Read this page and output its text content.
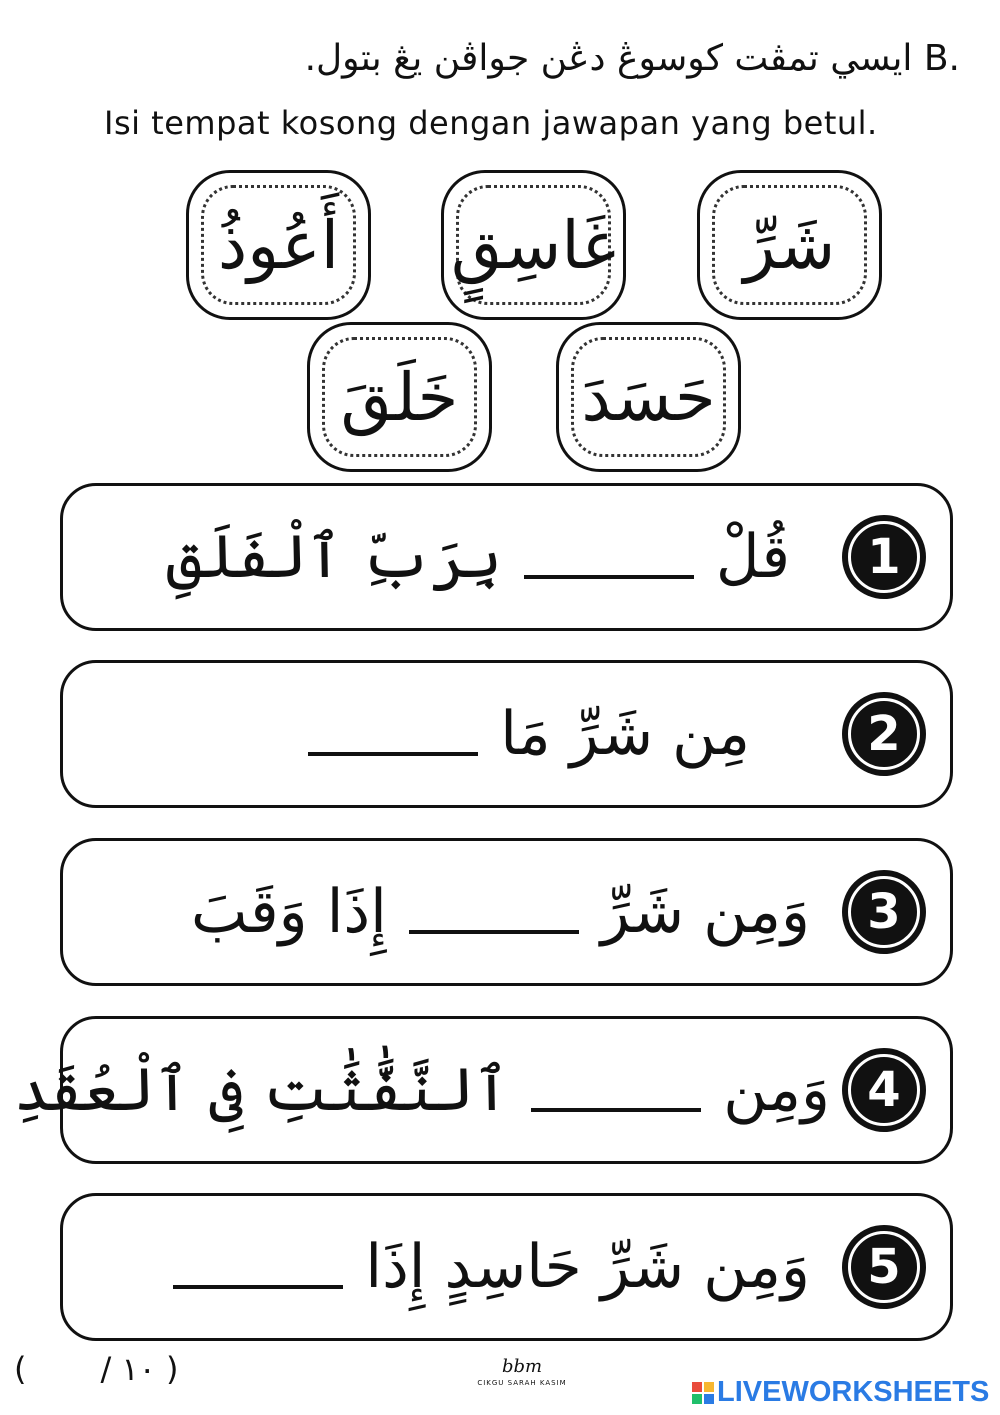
B. ايسي تمڤت كوسوڠ دڠن جواڤن يڠ بتول.
Isi tempat kosong dengan jawapan yang betul.
شَرِّ
غَاسِقٍ
أَعُوذُ
حَسَدَ
خَلَقَ
1
قُلْ
بِرَبِّ ٱلْفَلَقِ
2
مِن شَرِّ مَا
3
وَمِن شَرِّ
إِذَا وَقَبَ
4
وَمِن
ٱلنَّفَّٰثَٰتِ فِى ٱلْعُقَدِ
5
وَمِن شَرِّ حَاسِدٍ إِذَا
( / ١٠ )	bbm
CIKGU SARAH KASIM	LIVEWORKSHEETS
